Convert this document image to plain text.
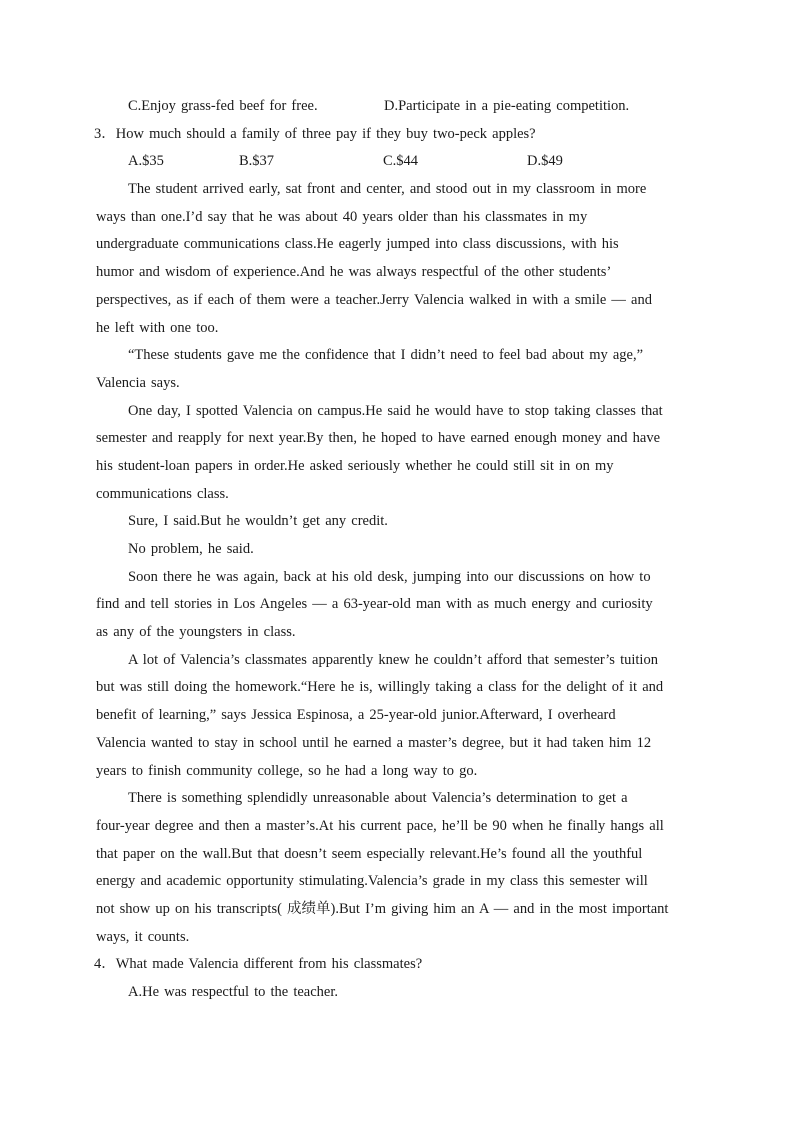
C.Enjoy grass-fed beef for free.	D.Participate in a pie-eating competition.
3．How much should a family of three pay if they buy two-peck apples?
A.$35	B.$37	C.$44	D.$49
The student arrived early, sat front and center, and stood out in my classroom in more
ways than one.I’d say that he was about 40 years older than his classmates in my
undergraduate communications class.He eagerly jumped into class discussions, with his
humor and wisdom of experience.And he was always respectful of the other students’
perspectives, as if each of them were a teacher.Jerry Valencia walked in with a smile — and
he left with one too.
“These students gave me the confidence that I didn’t need to feel bad about my age,”
Valencia says.
One day, I spotted Valencia on campus.He said he would have to stop taking classes that
semester and reapply for next year.By then, he hoped to have earned enough money and have
his student-loan papers in order.He asked seriously whether he could still sit in on my
communications class.
Sure, I said.But he wouldn’t get any credit.
No problem, he said.
Soon there he was again, back at his old desk, jumping into our discussions on how to
find and tell stories in Los Angeles — a 63-year-old man with as much energy and curiosity
as any of the youngsters in class.
A lot of Valencia’s classmates apparently knew he couldn’t afford that semester’s tuition
but was still doing the homework.“Here he is, willingly taking a class for the delight of it and
benefit of learning,” says Jessica Espinosa, a 25-year-old junior.Afterward, I overheard
Valencia wanted to stay in school until he earned a master’s degree, but it had taken him 12
years to finish community college, so he had a long way to go.
There is something splendidly unreasonable about Valencia’s determination to get a
four-year degree and then a master’s.At his current pace, he’ll be 90 when he finally hangs all
that paper on the wall.But that doesn’t seem especially relevant.He’s found all the youthful
energy and academic opportunity stimulating.Valencia’s grade in my class this semester will
not show up on his transcripts( 成绩单).But I’m giving him an A — and in the most important
ways, it counts.
4．What made Valencia different from his classmates?
A.He was respectful to the teacher.
